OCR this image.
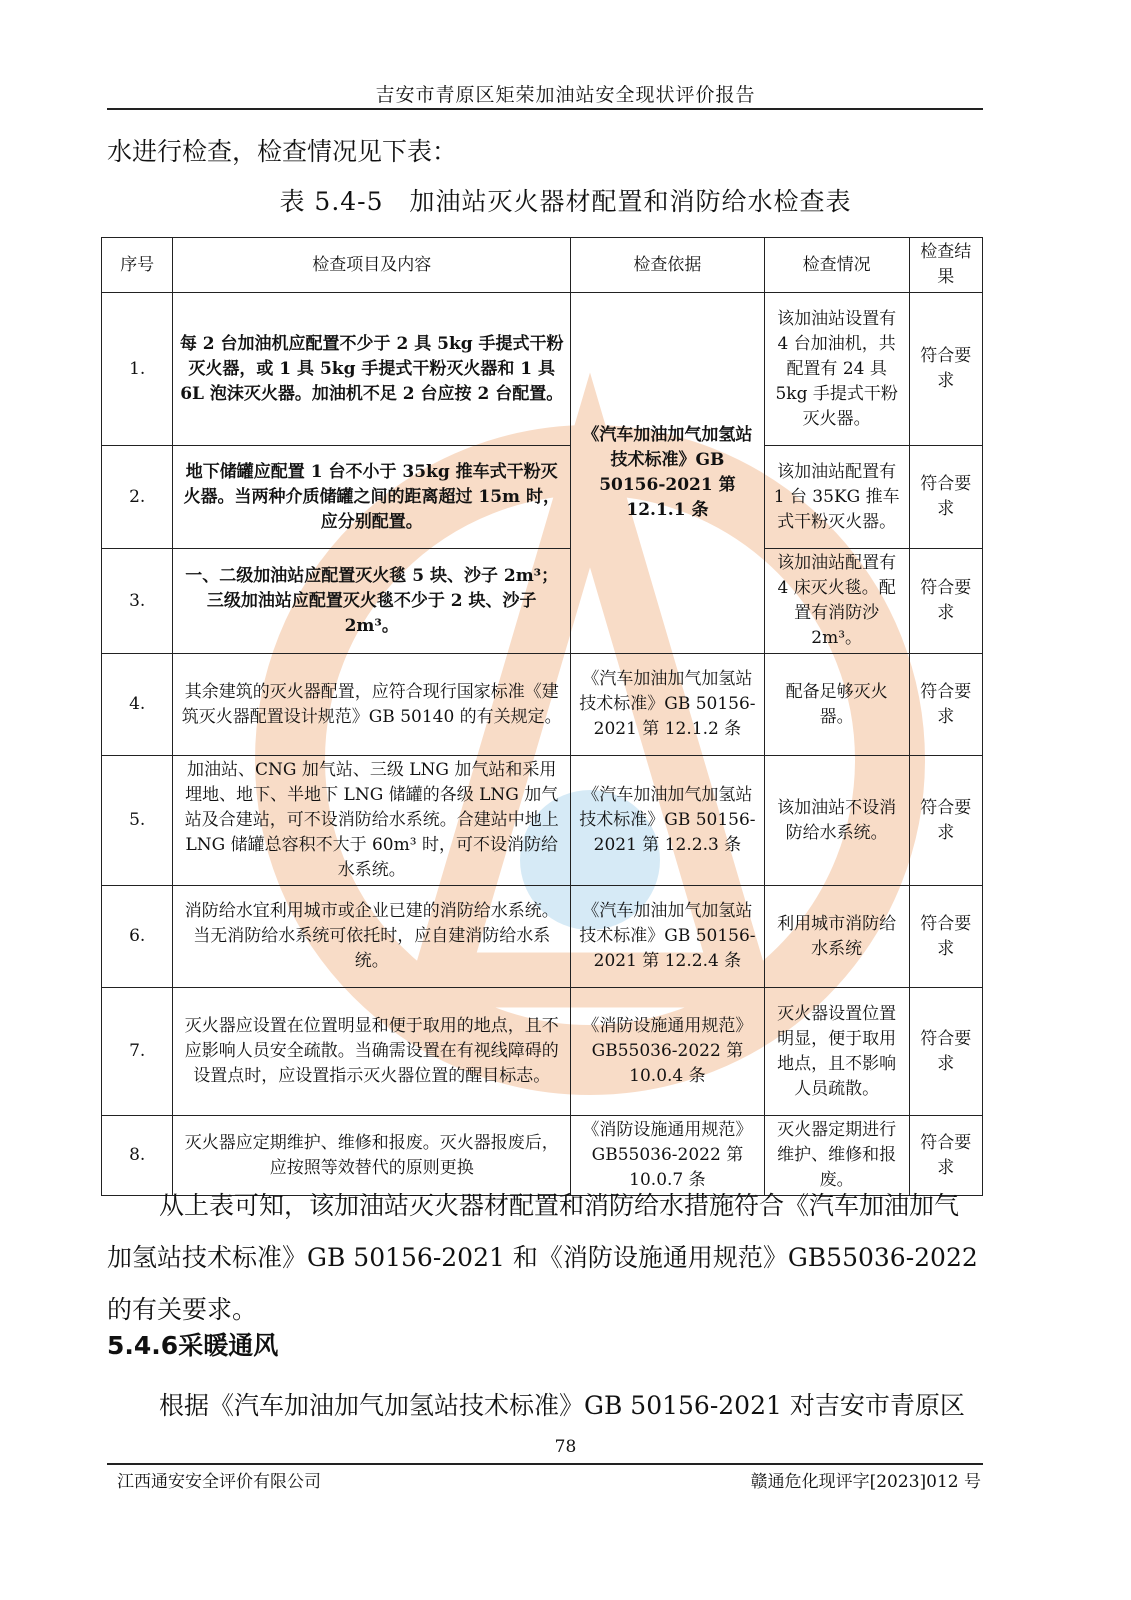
吉安市青原区矩荣加油站安全现状评价报告
水进行检查，检查情况见下表：
表 5.4-5　加油站灭火器材配置和消防给水检查表
序号	检查项目及内容	检查依据	检查情况	检查结果
1.	每 2 台加油机应配置不少于 2 具 5kg 手提式干粉灭火器，或 1 具 5kg 手提式干粉灭火器和 1 具 6L 泡沫灭火器。加油机不足 2 台应按 2 台配置。	《汽车加油加气加氢站技术标准》GB 50156-2021 第 12.1.1 条	该加油站设置有 4 台加油机，共配置有 24 具 5kg 手提式干粉灭火器。	符合要求
2.	地下储罐应配置 1 台不小于 35kg 推车式干粉灭火器。当两种介质储罐之间的距离超过 15m 时，应分别配置。		该加油站配置有 1 台 35KG 推车式干粉灭火器。	符合要求
3.	一、二级加油站应配置灭火毯 5 块、沙子 2m³；三级加油站应配置灭火毯不少于 2 块、沙子 2m³。		该加油站配置有 4 床灭火毯。配置有消防沙 2m³。	符合要求
4.	其余建筑的灭火器配置，应符合现行国家标准《建筑灭火器配置设计规范》GB 50140 的有关规定。	《汽车加油加气加氢站技术标准》GB 50156-2021 第 12.1.2 条	配备足够灭火器。	符合要求
5.	加油站、CNG 加气站、三级 LNG 加气站和采用埋地、地下、半地下 LNG 储罐的各级 LNG 加气站及合建站，可不设消防给水系统。合建站中地上 LNG 储罐总容积不大于 60m³ 时，可不设消防给水系统。	《汽车加油加气加氢站技术标准》GB 50156-2021 第 12.2.3 条	该加油站不设消防给水系统。	符合要求
6.	消防给水宜利用城市或企业已建的消防给水系统。当无消防给水系统可依托时，应自建消防给水系统。	《汽车加油加气加氢站技术标准》GB 50156-2021 第 12.2.4 条	利用城市消防给水系统	符合要求
7.	灭火器应设置在位置明显和便于取用的地点，且不应影响人员安全疏散。当确需设置在有视线障碍的设置点时，应设置指示灭火器位置的醒目标志。	《消防设施通用规范》GB55036-2022 第 10.0.4 条	灭火器设置位置明显，便于取用地点，且不影响人员疏散。	符合要求
8.	灭火器应定期维护、维修和报废。灭火器报废后，应按照等效替代的原则更换	《消防设施通用规范》GB55036-2022 第 10.0.7 条	灭火器定期进行维护、维修和报废。	符合要求
从上表可知，该加油站灭火器材配置和消防给水措施符合《汽车加油加气加氢站技术标准》GB 50156-2021 和《消防设施通用规范》GB55036-2022 的有关要求。
5.4.6采暖通风
根据《汽车加油加气加氢站技术标准》GB 50156-2021 对吉安市青原区
78
江西通安安全评价有限公司	赣通危化现评字[2023]012 号
